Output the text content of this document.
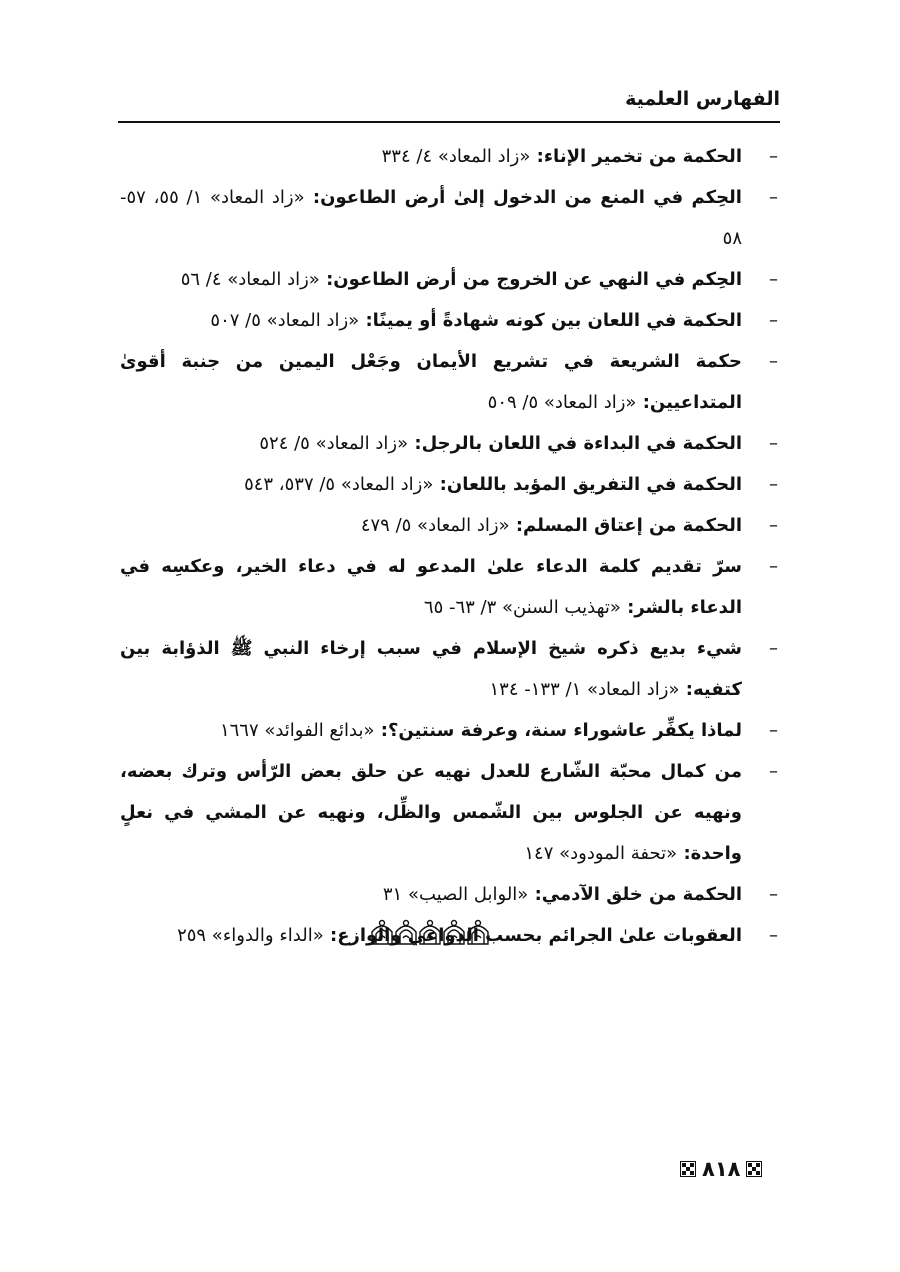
الفهارس العلمية
–
الحكمة من تخمير الإناء: «زاد المعاد» ٤/ ٣٣٤
–
الحِكم في المنع من الدخول إلىٰ أرض الطاعون: «زاد المعاد» ١/ ٥٥، ٥٧- ٥٨
–
الحِكم في النهي عن الخروج من أرض الطاعون: «زاد المعاد» ٤/ ٥٦
–
الحكمة في اللعان بين كونه شهادةً أو يمينًا: «زاد المعاد» ٥/ ٥٠٧
–
حكمة الشريعة في تشريع الأيمان وجَعْل اليمين من جنبة أقوىٰ المتداعيين: «زاد المعاد» ٥/ ٥٠٩
–
الحكمة في البداءة في اللعان بالرجل: «زاد المعاد» ٥/ ٥٢٤
–
الحكمة في التفريق المؤبد باللعان: «زاد المعاد» ٥/ ٥٣٧، ٥٤٣
–
الحكمة من إعتاق المسلم: «زاد المعاد» ٥/ ٤٧٩
–
سرّ تقديم كلمة الدعاء علىٰ المدعو له في دعاء الخير، وعكسِه في الدعاء بالشر: «تهذيب السنن» ٣/ ٦٣- ٦٥
–
شيء بديع ذكره شيخ الإسلام في سبب إرخاء النبي ﷺ الذؤابة بين كتفيه: «زاد المعاد» ١/ ١٣٣- ١٣٤
–
لماذا يكفِّر عاشوراء سنة، وعرفة سنتين؟: «بدائع الفوائد» ١٦٦٧
–
من كمال محبّة الشّارع للعدل نهيه عن حلق بعض الرّأس وترك بعضه، ونهيه عن الجلوس بين الشّمس والظِّل، ونهيه عن المشي في نعلٍ واحدة: «تحفة المودود» ١٤٧
–
الحكمة من خلق الآدمي: «الوابل الصيب» ٣١
–
العقوبات علىٰ الجرائم بحسب الدواعي والوازع: «الداء والدواء» ٢٥٩
٨١٨
